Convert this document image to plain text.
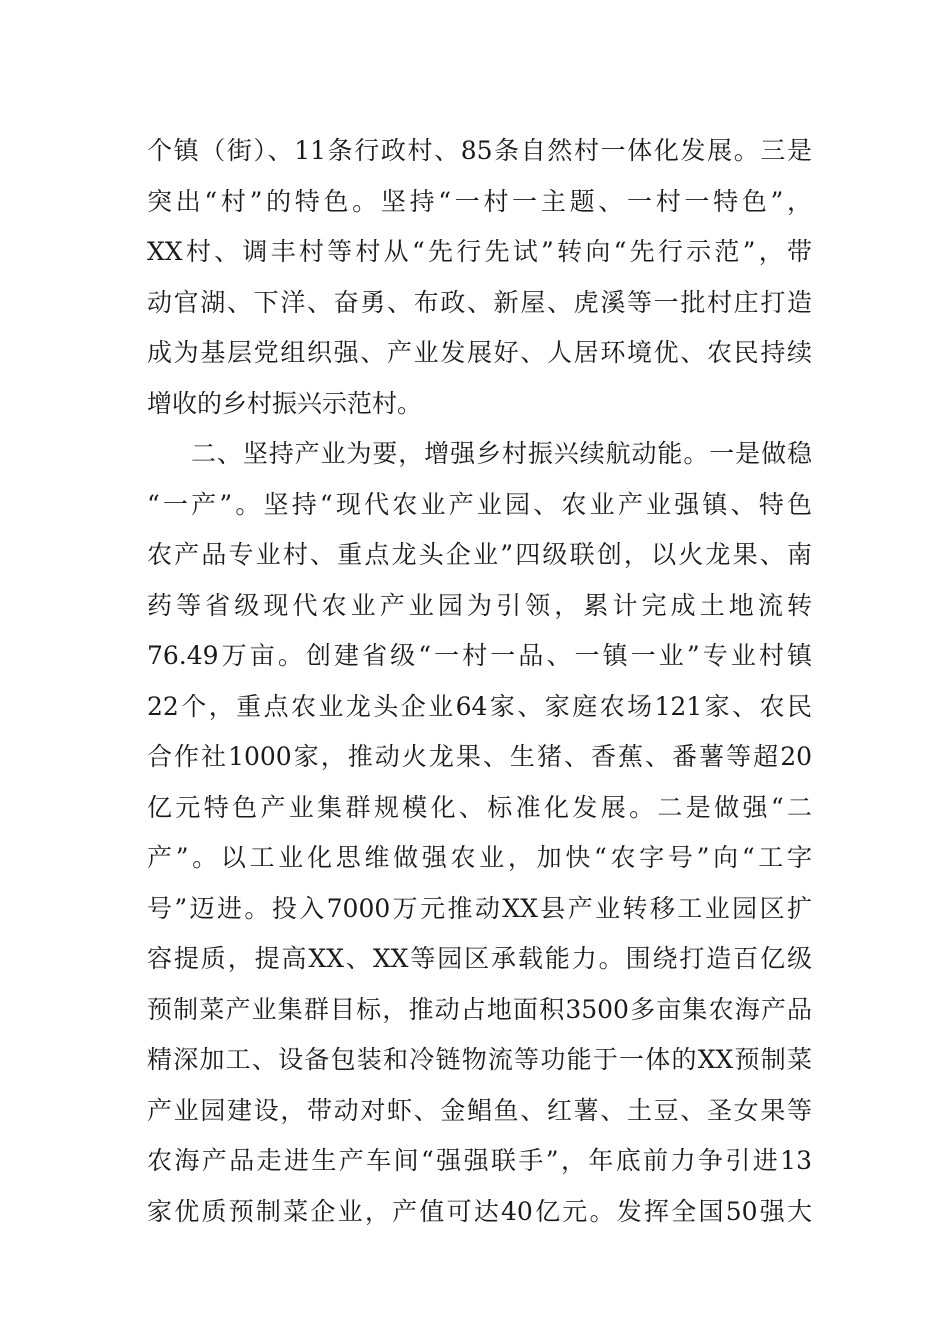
个镇（街）、11条行政村、85条自然村一体化发展。三是
突出“村”的特色。坚持“一村一主题、一村一特色”，
XX村、调丰村等村从“先行先试”转向“先行示范”，带
动官湖、下洋、奋勇、布政、新屋、虎溪等一批村庄打造
成为基层党组织强、产业发展好、人居环境优、农民持续
增收的乡村振兴示范村。
二、坚持产业为要，增强乡村振兴续航动能。一是做稳
“一产”。坚持“现代农业产业园、农业产业强镇、特色
农产品专业村、重点龙头企业”四级联创，以火龙果、南
药等省级现代农业产业园为引领，累计完成土地流转
76.49万亩。创建省级“一村一品、一镇一业”专业村镇
22个，重点农业龙头企业64家、家庭农场121家、农民
合作社1000家，推动火龙果、生猪、香蕉、番薯等超20
亿元特色产业集群规模化、标准化发展。二是做强“二
产”。以工业化思维做强农业，加快“农字号”向“工字
号”迈进。投入7000万元推动XX县产业转移工业园区扩
容提质，提高XX、XX等园区承载能力。围绕打造百亿级
预制菜产业集群目标，推动占地面积3500多亩集农海产品
精深加工、设备包装和冷链物流等功能于一体的XX预制菜
产业园建设，带动对虾、金鲳鱼、红薯、土豆、圣女果等
农海产品走进生产车间“强强联手”，年底前力争引进13
家优质预制菜企业，产值可达40亿元。发挥全国50强大
